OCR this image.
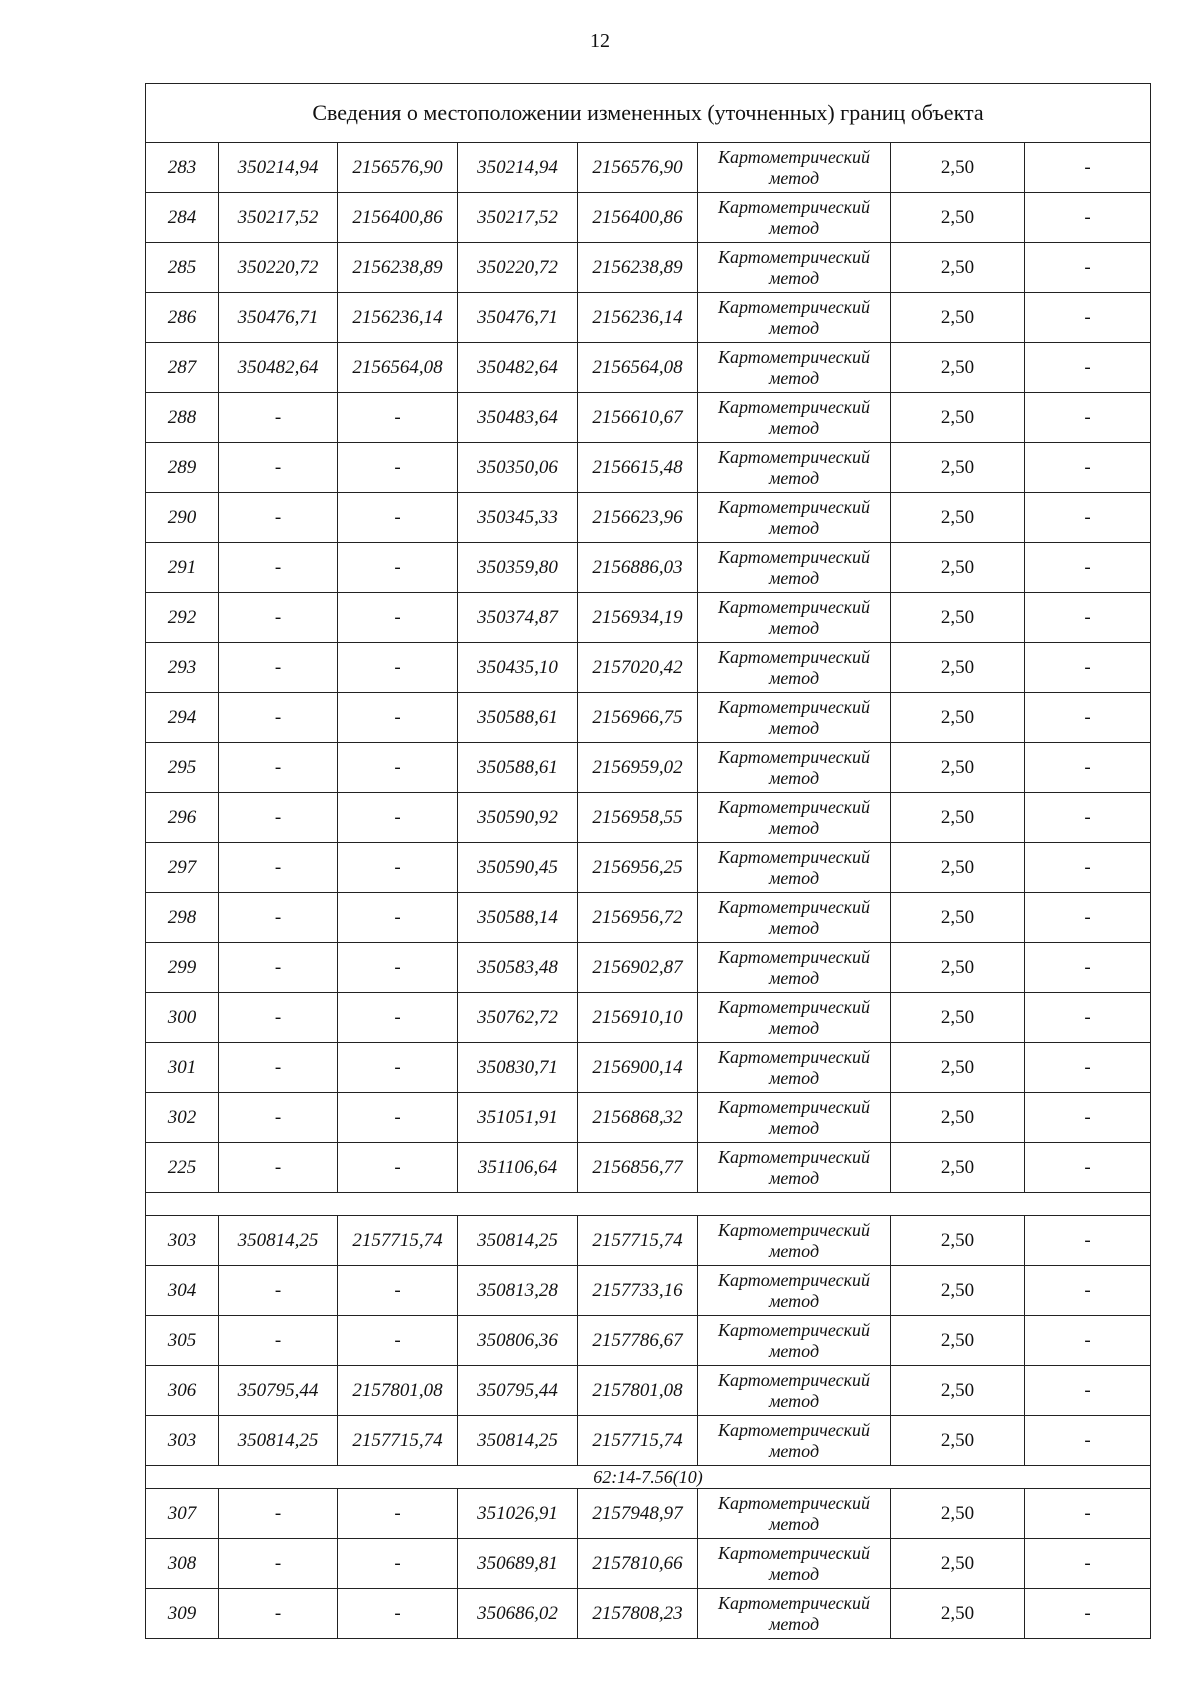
12
Сведения о местоположении измененных (уточненных) границ объекта							
283	350214,94	2156576,90	350214,94	2156576,90	Картометрический метод	2,50	-
284	350217,52	2156400,86	350217,52	2156400,86	Картометрический метод	2,50	-
285	350220,72	2156238,89	350220,72	2156238,89	Картометрический метод	2,50	-
286	350476,71	2156236,14	350476,71	2156236,14	Картометрический метод	2,50	-
287	350482,64	2156564,08	350482,64	2156564,08	Картометрический метод	2,50	-
288	-	-	350483,64	2156610,67	Картометрический метод	2,50	-
289	-	-	350350,06	2156615,48	Картометрический метод	2,50	-
290	-	-	350345,33	2156623,96	Картометрический метод	2,50	-
291	-	-	350359,80	2156886,03	Картометрический метод	2,50	-
292	-	-	350374,87	2156934,19	Картометрический метод	2,50	-
293	-	-	350435,10	2157020,42	Картометрический метод	2,50	-
294	-	-	350588,61	2156966,75	Картометрический метод	2,50	-
295	-	-	350588,61	2156959,02	Картометрический метод	2,50	-
296	-	-	350590,92	2156958,55	Картометрический метод	2,50	-
297	-	-	350590,45	2156956,25	Картометрический метод	2,50	-
298	-	-	350588,14	2156956,72	Картометрический метод	2,50	-
299	-	-	350583,48	2156902,87	Картометрический метод	2,50	-
300	-	-	350762,72	2156910,10	Картометрический метод	2,50	-
301	-	-	350830,71	2156900,14	Картометрический метод	2,50	-
302	-	-	351051,91	2156868,32	Картометрический метод	2,50	-
225	-	-	351106,64	2156856,77	Картометрический метод	2,50	-

303	350814,25	2157715,74	350814,25	2157715,74	Картометрический метод	2,50	-
304	-	-	350813,28	2157733,16	Картометрический метод	2,50	-
305	-	-	350806,36	2157786,67	Картометрический метод	2,50	-
306	350795,44	2157801,08	350795,44	2157801,08	Картометрический метод	2,50	-
303	350814,25	2157715,74	350814,25	2157715,74	Картометрический метод	2,50	-
62:14-7.56(10)							
307	-	-	351026,91	2157948,97	Картометрический метод	2,50	-
308	-	-	350689,81	2157810,66	Картометрический метод	2,50	-
309	-	-	350686,02	2157808,23	Картометрический метод	2,50	-
